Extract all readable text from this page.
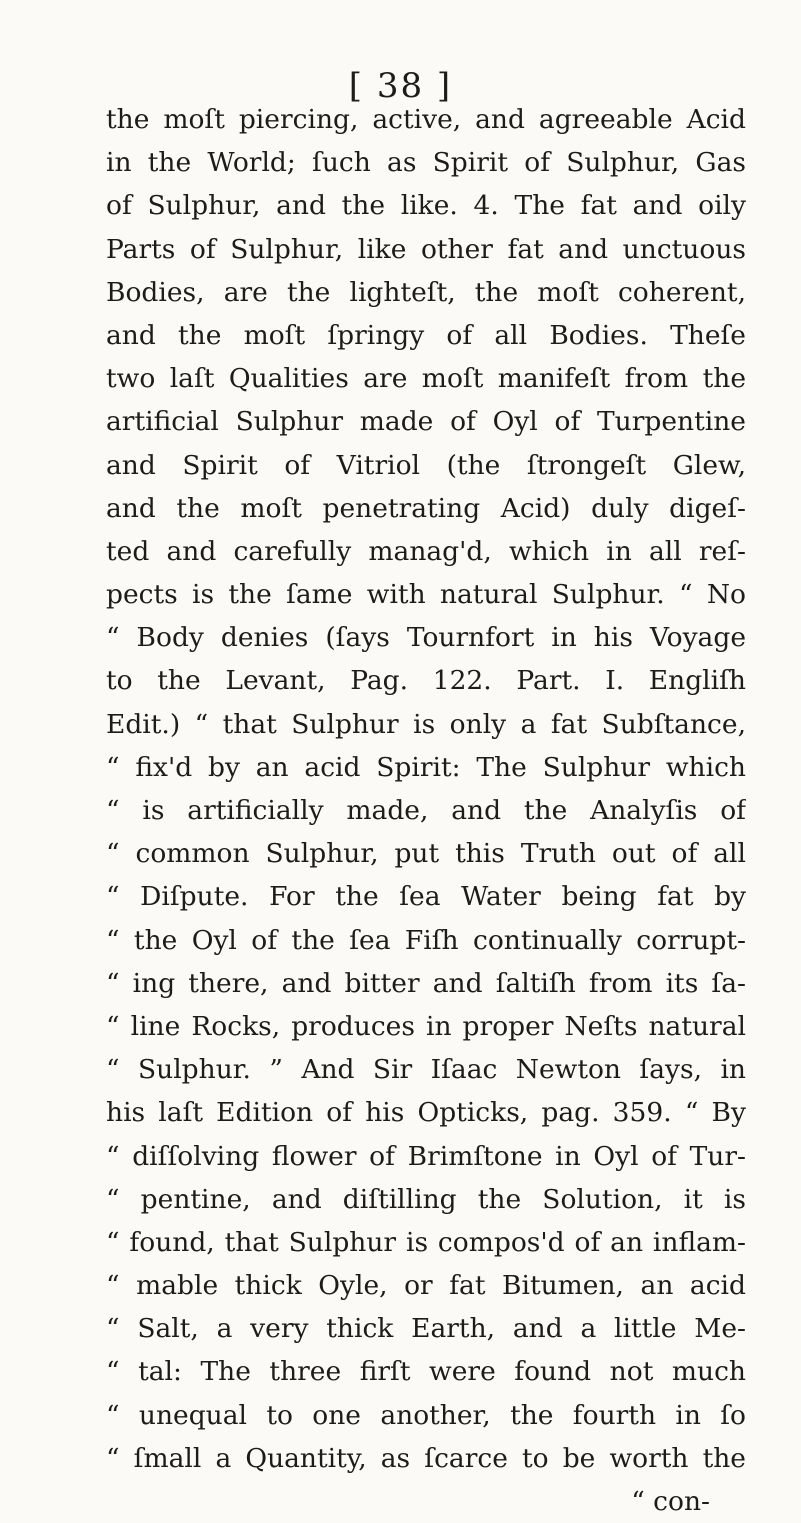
[ 38 ]
the moſt piercing, active, and agreeable Acid
in the World; ſuch as Spirit of Sulphur, Gas
of Sulphur, and the like. 4. The fat and oily
Parts of Sulphur, like other fat and unctuous
Bodies, are the lighteſt, the moſt coherent,
and the moſt ſpringy of all Bodies. Theſe
two laſt Qualities are moſt manifeſt from the
artificial Sulphur made of Oyl of Turpentine
and Spirit of Vitriol (the ſtrongeſt Glew,
and the moſt penetrating Acid) duly digeſ-
ted and carefully manag'd, which in all reſ-
pects is the ſame with natural Sulphur. “ No
“ Body denies (ſays Tournfort in his Voyage
to the Levant, Pag. 122. Part. I. Engliſh
Edit.) “ that Sulphur is only a fat Subſtance,
“ fix'd by an acid Spirit: The Sulphur which
“ is artificially made, and the Analyſis of
“ common Sulphur, put this Truth out of all
“ Diſpute. For the ſea Water being fat by
“ the Oyl of the ſea Fiſh continually corrupt-
“ ing there, and bitter and ſaltiſh from its ſa-
“ line Rocks, produces in proper Neſts natural
“ Sulphur. ” And Sir Iſaac Newton ſays, in
his laſt Edition of his Opticks, pag. 359. “ By
“ diſſolving flower of Brimſtone in Oyl of Tur-
“ pentine, and diſtilling the Solution, it is
“ found, that Sulphur is compos'd of an inflam-
“ mable thick Oyle, or fat Bitumen, an acid
“ Salt, a very thick Earth, and a little Me-
“ tal: The three firſt were found not much
“ unequal to one another, the fourth in ſo
“ ſmall a Quantity, as ſcarce to be worth the
“ con-
